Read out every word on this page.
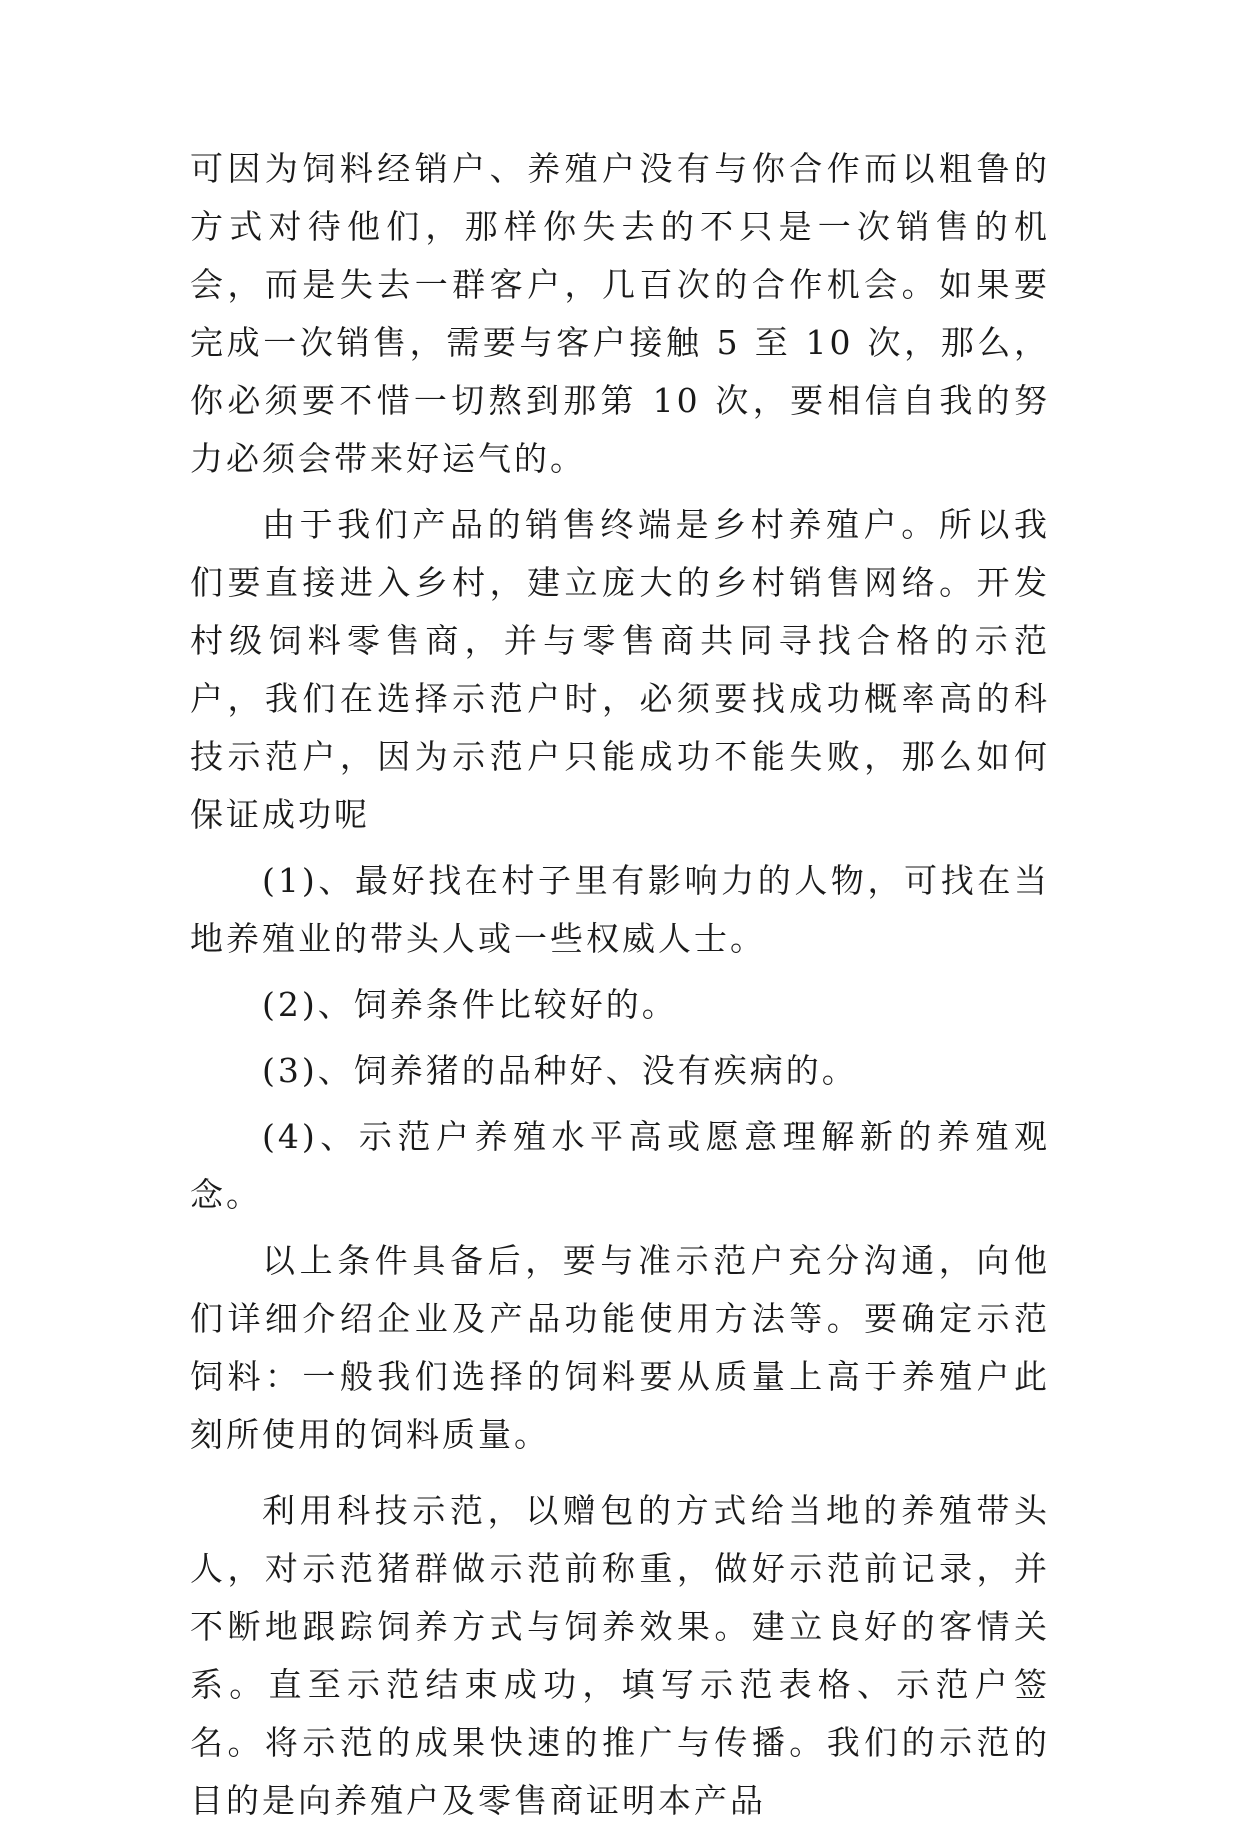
可因为饲料经销户、养殖户没有与你合作而以粗鲁的方式对待他们，那样你失去的不只是一次销售的机会，而是失去一群客户，几百次的合作机会。如果要完成一次销售，需要与客户接触 5 至 10 次，那么，你必须要不惜一切熬到那第 10 次，要相信自我的努力必须会带来好运气的。

由于我们产品的销售终端是乡村养殖户。所以我们要直接进入乡村，建立庞大的乡村销售网络。开发村级饲料零售商，并与零售商共同寻找合格的示范户，我们在选择示范户时，必须要找成功概率高的科技示范户，因为示范户只能成功不能失败，那么如何保证成功呢

(1)、最好找在村子里有影响力的人物，可找在当地养殖业的带头人或一些权威人士。

(2)、饲养条件比较好的。

(3)、饲养猪的品种好、没有疾病的。

(4)、示范户养殖水平高或愿意理解新的养殖观念。

以上条件具备后，要与准示范户充分沟通，向他们详细介绍企业及产品功能使用方法等。要确定示范饲料：一般我们选择的饲料要从质量上高于养殖户此刻所使用的饲料质量。

利用科技示范，以赠包的方式给当地的养殖带头人，对示范猪群做示范前称重，做好示范前记录，并不断地跟踪饲养方式与饲养效果。建立良好的客情关系。直至示范结束成功，填写示范表格、示范户签名。将示范的成果快速的推广与传播。我们的示范的目的是向养殖户及零售商证明本产品
